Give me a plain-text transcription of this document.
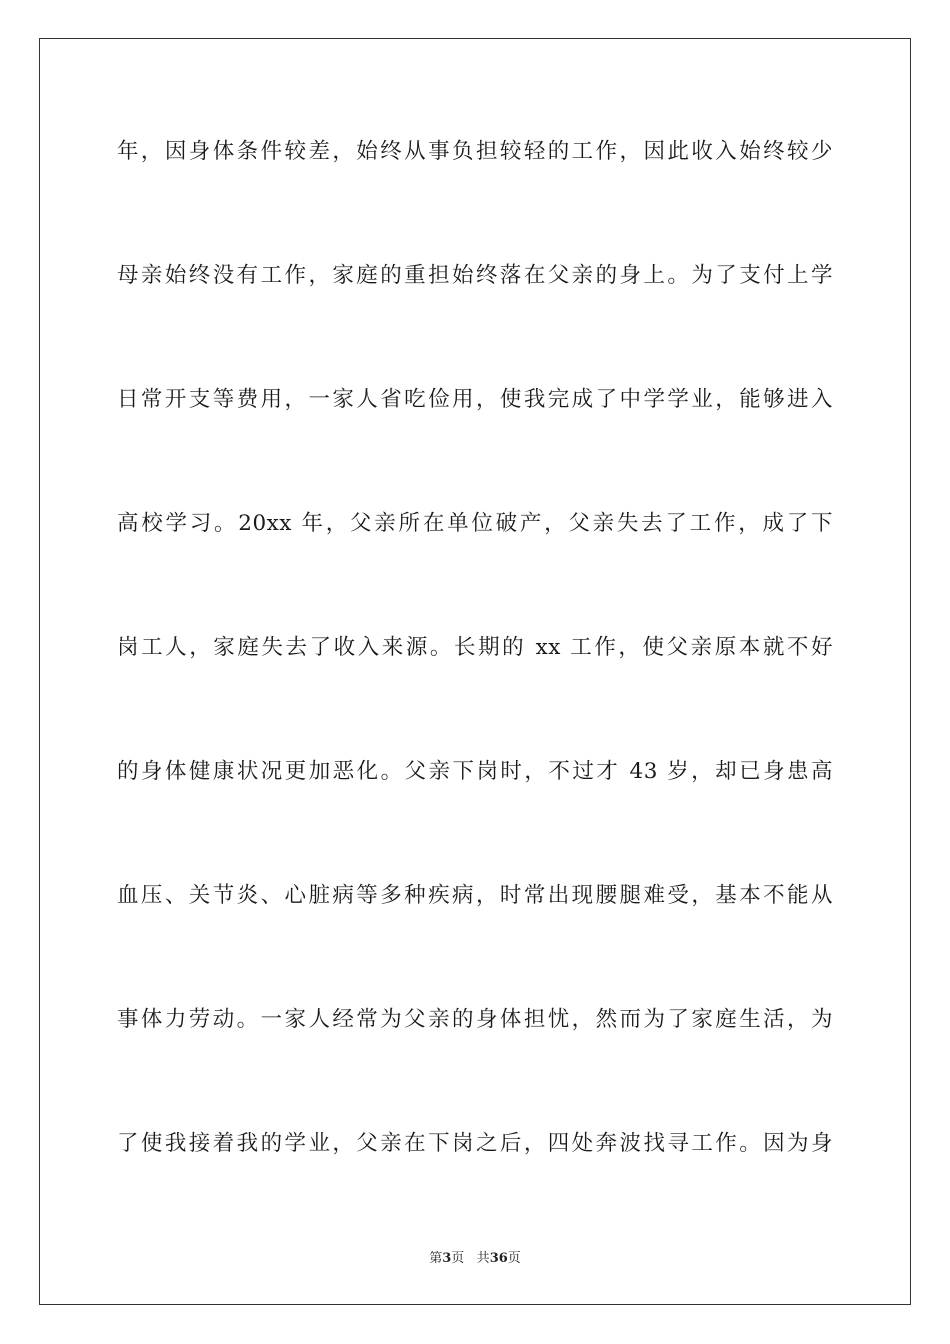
年，因身体条件较差，始终从事负担较轻的工作，因此收入始终较少
母亲始终没有工作，家庭的重担始终落在父亲的身上。为了支付上学
日常开支等费用，一家人省吃俭用，使我完成了中学学业，能够进入
高校学习。20xx 年，父亲所在单位破产，父亲失去了工作，成了下
岗工人，家庭失去了收入来源。长期的 xx 工作，使父亲原本就不好
的身体健康状况更加恶化。父亲下岗时，不过才 43 岁，却已身患高
血压、关节炎、心脏病等多种疾病，时常出现腰腿难受，基本不能从
事体力劳动。一家人经常为父亲的身体担忧，然而为了家庭生活，为
了使我接着我的学业，父亲在下岗之后，四处奔波找寻工作。因为身
第3页 共36页
